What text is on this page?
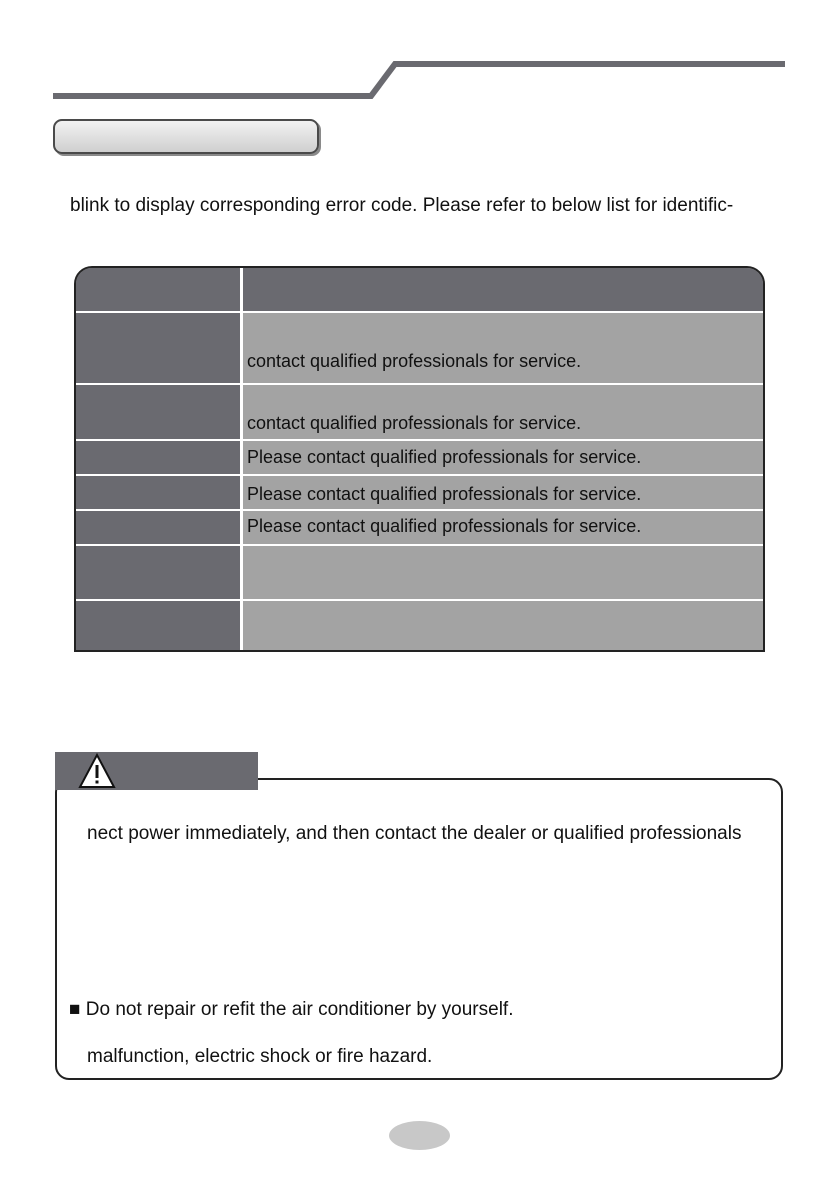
blink to display corresponding error code. Please refer to below list for identific-
contact qualified professionals for service.
contact qualified professionals for service.
Please contact qualified professionals for service.
Please contact qualified professionals for service.
Please contact qualified professionals for service.
nect power immediately, and then contact the dealer or qualified professionals
■ Do not repair or refit the air conditioner by yourself.
malfunction, electric shock or fire hazard.
